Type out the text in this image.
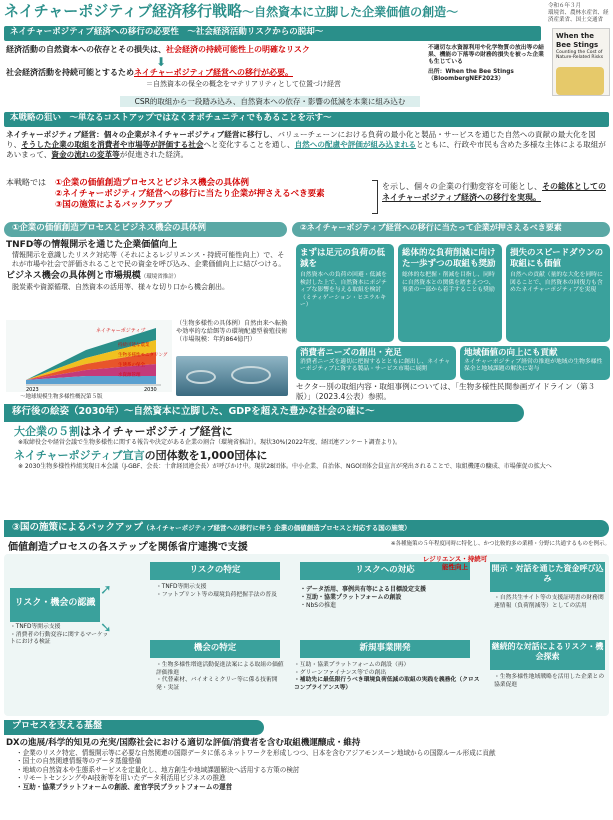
ネイチャーポジティブ経済移行戦略～自然資本に立脚した企業価値の創造～	令和６年３月
環境省、農林水産省、経済産業省、国土交通省
ネイチャーポジティブ経済への移行の必要性　～社会経済活動リスクからの脱却～
経済活動の自然資本への依存とその損失は、社会経済の持続可能性上の明確なリスク
⬇
社会経済活動を持続可能とするためネイチャーポジティブ経営への移行が必要。
＝自然資本の保全の概念をマテリアリティとして位置づけ経営
不適切な水資源利用や化学物質の放出等の結果、機能の下落等の財務的損失を被った企業も生じている
出所：When the Bee Stings（BloombergNEF2023）
When the Bee Stings
Counting the Cost of Nature-Related Risks
CSR的取組から一段踏み込み、自然資本への依存・影響の低減を本業に組み込む
本戦略の狙い　～単なるコストアップではなくオポチュニティでもあることを示す～
ネイチャーポジティブ経営：個々の企業がネイチャーポジティブ経営に移行し、バリューチェーンにおける負荷の最小化と製品・サービスを通じた自然への貢献の最大化を図り、そうした企業の取組を消費者や市場等が評価する社会へと変化することを通し、自然への配慮や評価が組み込まれるとともに、行政や市民も含めた多様な主体による取組があいまって、資金の流れの変革等が促進された経済。
本戦略では ①企業の価値創造プロセスとビジネス機会の具体例
②ネイチャーポジティブ経営への移行に当たり企業が押さえるべき要素
③国の施策によるバックアップ
を示し、個々の企業の行動変容を可能とし、その総体としてのネイチャーポジティブ経済への移行を実現。
①企業の価値創造プロセスとビジネス機会の具体例
TNFD等の情報開示を通じた企業価値向上
情報開示を意識したリスク対応等（それによるレジリエンス・持続可能性向上）で、それが市場や社会で評価されることで民の資金を呼び込み、企業価値向上に結びつける。
ビジネス機会の具体例と市場規模（環境省推計）
脱炭素や資源循環、自然資本の活用等、様々な切り口から機会創出。
2023	2030
ネイチャーポジティブ
持続可能な農業
生物多様性モニタリング
生態系の保全
水資源管理
～地球規模生物多様性概況第５版
（生物多様性の具体例）自然由来へ転換や効率的な給餌等の環境配慮型養殖技術（市場規模：年約864億円）
②ネイチャーポジティブ経営への移行に当たって企業が押さえるべき要素
まずは足元の負荷の低減を
自然資本への負荷の回避・低減を検討した上で、自然資本にポジティブな影響を与える取組を検討（ミティゲーション・ヒエラルキー）
総体的な負荷削減に向けた一歩ずつの取組も奨励
総体的な把握・削減を目指し、同時に自然資本との関係を踏まえつつ、事業の一部から着手することも奨励
損失のスピードダウンの取組にも価値
自然への貢献（量的な大化を同時に図ることで、自然資本の回復力も含めたネイチャーポジティブを実現
消費者ニーズの創出・充足
消費者ニーズを適切に把握するとともに創出し、ネイチャーポジティブに資する製品・サービス市場に展開
地域価値の向上にも貢献
ネイチャーポジティブ経営の推進が地域の生物多様性保全と地域課題の解決に寄与
セクター別の取組内容・取組事例については、「生物多様性民間参画ガイドライン（第３版）」（2023.4公表）参照。
移行後の絵姿（2030年）～自然資本に立脚した、GDPを超えた豊かな社会の確に～
大企業の５割はネイチャーポジティブ経営に
※取締役会や経営会議で生物多様性に関する報告や決定がある企業の割合（環境省推計）。現状30%(2022年度、経団連アンケート調査より)。
ネイチャーポジティブ宣言の団体数を1,000団体に
※ 2030生物多様性枠組実現日本会議（J-GBF、会長：十倉経団連会長）が呼びかけ中。現状28団体。中小企業、自治体、NGO団体会員宣言が発出されることで、取組機運の醸成、市場催促の拡大へ
③国の施策によるバックアップ（ネイチャーポジティブ経営への移行に伴う 企業の価値創造プロセスと対応する国の施策）
価値創造プロセスの各ステップを関係省庁連携で支援	※各種施策の５年程度同時に特化し、かつ比較的多の業種・分野に共通するものを例示。
リスク・機会の認識
・TNFD等開示支援
・消費者の行動変容に関するマーケットにおける検証
➚
➘
リスクの特定
・TNFD等開示支援
・フットプリント等の環境負荷把握手法の普及
リスクへの対応
・データ活用、事例共有等による目標設定支援
・互助・協業プラットフォームの創設
・NbSの推進
レジリエンス・持続可能性向上	開示・対話を通じた資金呼び込み
・自然共生サイト等の支援証明書の財務関連情報（負荷削減等）としての活用
機会の特定
・生物多様性増進活動促進法案による取組の価値評価推進
・代替素材、バイオミミクリー等に係る技術開発・実証
新規事業開発
・互助・協業プラットフォームの創設（再）
・グリーンファイナンス等での創出
・補助先に最低限行うべき環境負荷低減の取組の実践を義務化（クロスコンプライアンス等）
継続的な対話によるリスク・機会探索
・生物多様性地域戦略を活用した企業との協業促進
プロセスを支える基盤
DXの進展/科学的知見の充実/国際社会における適切な評価/消費者を含む取組機運醸成・維持
・企業のリスク特定、情報開示等に必要な自然関連の国際データに係るネットワークを形成しつつ、日本を含むアジアモンスーン地域からの国際ルール形成に貢献
・国土の自然関連情報等のデータ基盤整備
・地域の自然資本や生態系サービスを定量化し、地方創生や地域課題解決へ活用する方策の検討
・リモートセンシングやAI技術等を用いたデータ利活用ビジネスの推進
・互助・協業プラットフォームの創設、産官学民プラットフォームの運営
